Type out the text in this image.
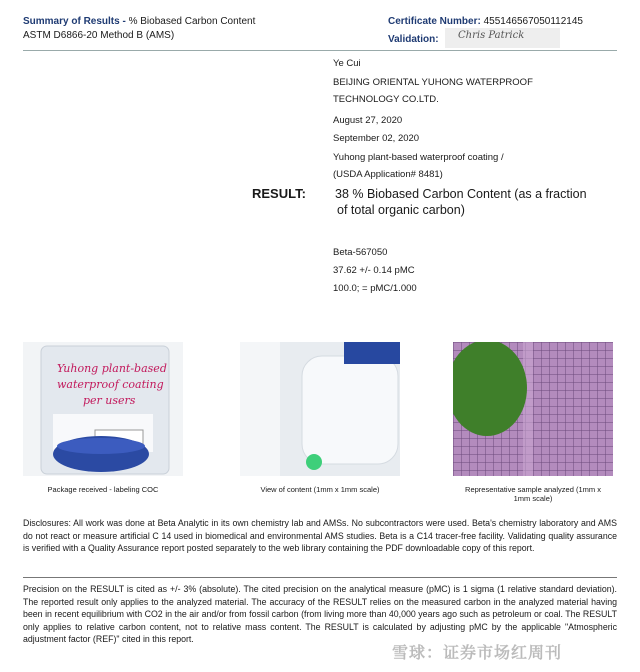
Summary of Results - % Biobased Carbon Content
ASTM D6866-20 Method B (AMS)
Certificate Number: 455146567050112145
Validation: Chris Patrick
Ye Cui
BEIJING ORIENTAL YUHONG WATERPROOF
TECHNOLOGY CO.LTD.
August 27, 2020
September 02, 2020
Yuhong plant-based waterproof coating /
(USDA Application# 8481)
RESULT: 38 % Biobased Carbon Content (as a fraction
of total organic carbon)
Beta-567050
37.62 +/- 0.14 pMC
100.0; = pMC/1.000
Yuhong plant-based
waterproof coating
per users
Package received - labeling COC	View of content (1mm x 1mm scale)	Representative sample analyzed (1mm x
1mm scale)
Disclosures: All work was done at Beta Analytic in its own chemistry lab and AMSs. No subcontractors were used. Beta's chemistry laboratory and AMS do not react or measure artificial C 14 used in biomedical and environmental AMS studies. Beta is a C14 tracer-free facility. Validating quality assurance is verified with a Quality Assurance report posted separately to the web library containing the PDF downloadable copy of this report.
Precision on the RESULT is cited as +/- 3% (absolute). The cited precision on the analytical measure (pMC) is 1 sigma (1 relative standard deviation). The reported result only applies to the analyzed material. The accuracy of the RESULT relies on the measured carbon in the analyzed material having been in recent equilibrium with CO2 in the air and/or from fossil carbon (from living more than 40,000 years ago such as petroleum or coal. The RESULT only applies to relative carbon content, not to relative mass content. The RESULT is calculated by adjusting pMC by the applicable "Atmospheric adjustment factor (REF)" cited in this report.
雪球：证券市场红周刊
